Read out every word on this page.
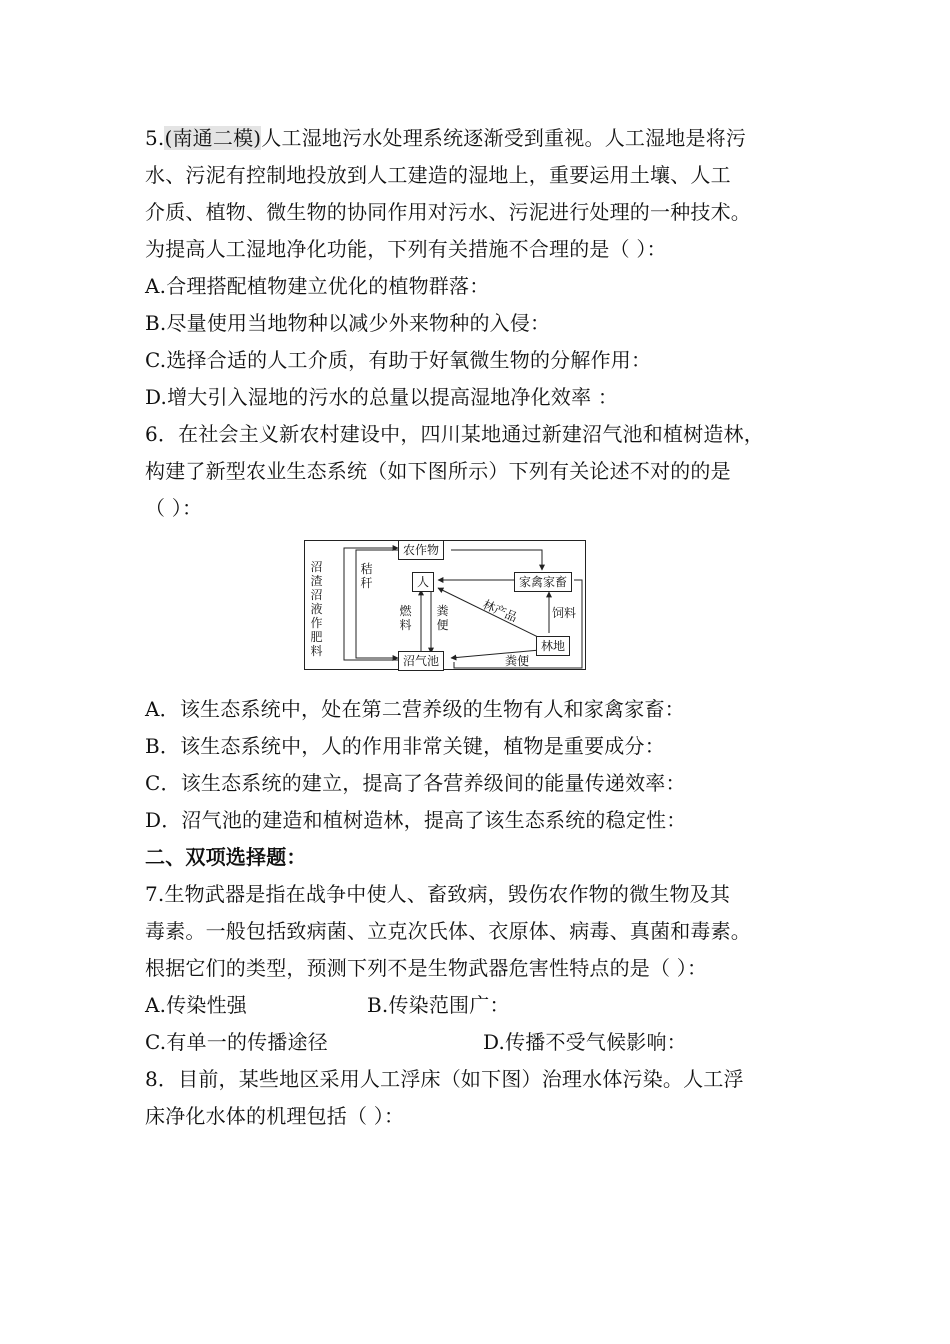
5.(南通二模)人工湿地污水处理系统逐渐受到重视。人工湿地是将污
水、污泥有控制地投放到人工建造的湿地上，重要运用土壤、人工
介质、植物、微生物的协同作用对污水、污泥进行处理的一种技术。
为提高人工湿地净化功能，下列有关措施不合理的是（ ）：
A.合理搭配植物建立优化的植物群落：
B.尽量使用当地物种以减少外来物种的入侵：
C.选择合适的人工介质，有助于好氧微生物的分解作用：
D.增大引入湿地的污水的总量以提高湿地净化效率 ：
6．在社会主义新农村建设中，四川某地通过新建沼气池和植树造林，
构建了新型农业生态系统（如下图所示）下列有关论述不对的的是
（ ）：
农作物
人	家禽家畜
林地
沼气池
沼渣沼液作肥料
秸秆
燃料
粪便
林产品	饲料
粪便
A．该生态系统中，处在第二营养级的生物有人和家禽家畜：
B．该生态系统中，人的作用非常关键，植物是重要成分：
C．该生态系统的建立，提高了各营养级间的能量传递效率：
D．沼气池的建造和植树造林，提高了该生态系统的稳定性：
二、双项选择题：
7.生物武器是指在战争中使人、畜致病，毁伤农作物的微生物及其
毒素。一般包括致病菌、立克次氏体、衣原体、病毒、真菌和毒素。
根据它们的类型，预测下列不是生物武器危害性特点的是（ ）：
A.传染性强	B.传染范围广：
C.有单一的传播途径	D.传播不受气候影响：
8．目前，某些地区采用人工浮床（如下图）治理水体污染。人工浮
床净化水体的机理包括（ ）：
